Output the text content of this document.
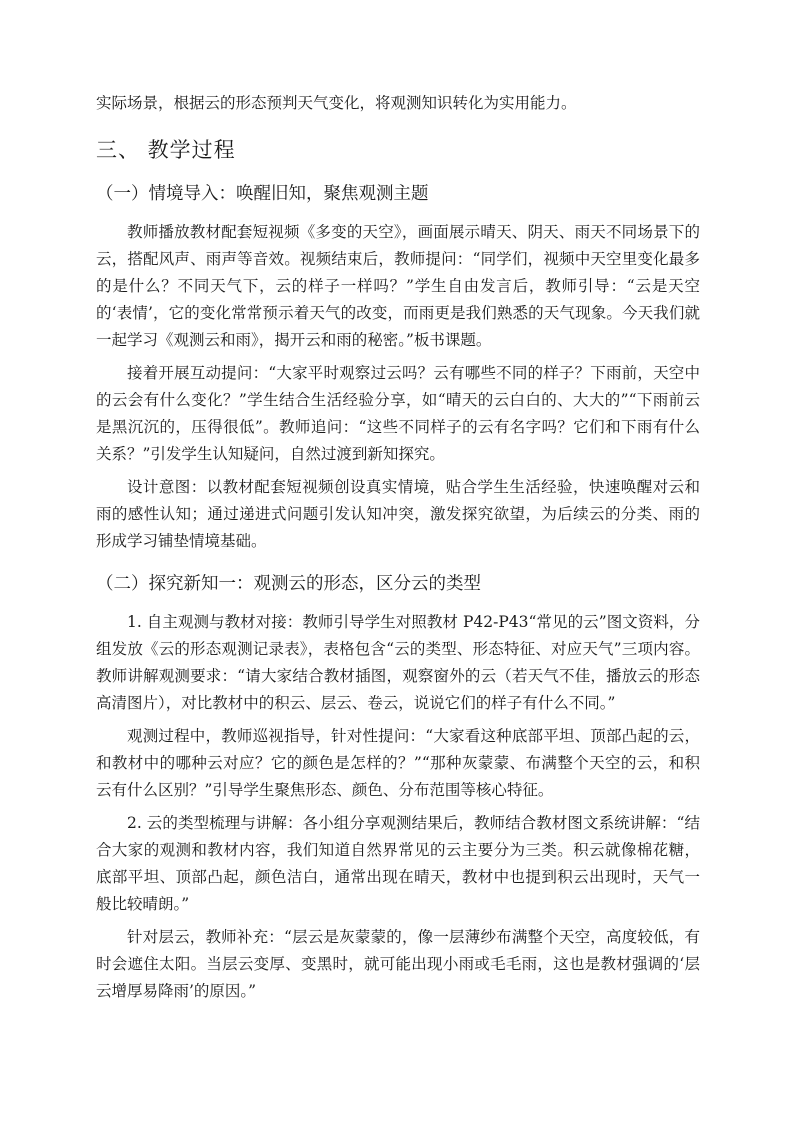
实际场景，根据云的形态预判天气变化，将观测知识转化为实用能力。

三、 教学过程
（一）情境导入：唤醒旧知，聚焦观测主题

教师播放教材配套短视频《多变的天空》，画面展示晴天、阴天、雨天不同场景下的云，搭配风声、雨声等音效。视频结束后，教师提问：“同学们，视频中天空里变化最多的是什么？不同天气下，云的样子一样吗？”学生自由发言后，教师引导：“云是天空的‘表情’，它的变化常常预示着天气的改变，而雨更是我们熟悉的天气现象。今天我们就一起学习《观测云和雨》，揭开云和雨的秘密。”板书课题。

接着开展互动提问：“大家平时观察过云吗？云有哪些不同的样子？下雨前，天空中的云会有什么变化？”学生结合生活经验分享，如“晴天的云白白的、大大的”“下雨前云是黑沉沉的，压得很低”。教师追问：“这些不同样子的云有名字吗？它们和下雨有什么关系？”引发学生认知疑问，自然过渡到新知探究。

设计意图：以教材配套短视频创设真实情境，贴合学生生活经验，快速唤醒对云和雨的感性认知；通过递进式问题引发认知冲突，激发探究欲望，为后续云的分类、雨的形成学习铺垫情境基础。

（二）探究新知一：观测云的形态，区分云的类型

1. 自主观测与教材对接：教师引导学生对照教材 P42-P43“常见的云”图文资料，分组发放《云的形态观测记录表》，表格包含“云的类型、形态特征、对应天气”三项内容。教师讲解观测要求：“请大家结合教材插图，观察窗外的云（若天气不佳，播放云的形态高清图片），对比教材中的积云、层云、卷云，说说它们的样子有什么不同。”

观测过程中，教师巡视指导，针对性提问：“大家看这种底部平坦、顶部凸起的云，和教材中的哪种云对应？它的颜色是怎样的？”“那种灰蒙蒙、布满整个天空的云，和积云有什么区别？”引导学生聚焦形态、颜色、分布范围等核心特征。

2. 云的类型梳理与讲解：各小组分享观测结果后，教师结合教材图文系统讲解：“结合大家的观测和教材内容，我们知道自然界常见的云主要分为三类。积云就像棉花糖，底部平坦、顶部凸起，颜色洁白，通常出现在晴天，教材中也提到积云出现时，天气一般比较晴朗。”

针对层云，教师补充：“层云是灰蒙蒙的，像一层薄纱布满整个天空，高度较低，有时会遮住太阳。当层云变厚、变黑时，就可能出现小雨或毛毛雨，这也是教材强调的‘层云增厚易降雨’的原因。”
